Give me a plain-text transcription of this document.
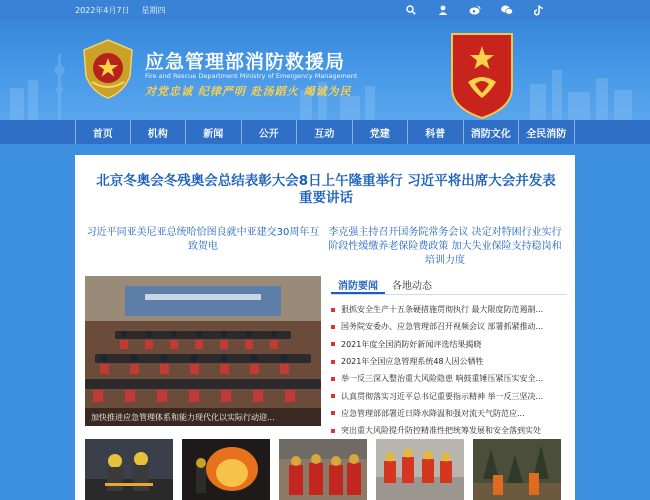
2022年4月7日 星期四
应急管理部消防救援局
Fire and Rescue Department Ministry of Emergency Management
对党忠诚 纪律严明 赴汤蹈火 竭诚为民
首页	机构	新闻	公开	互动	党建	科普	消防文化	全民消防
北京冬奥会冬残奥会总结表彰大会8日上午隆重举行 习近平将出席大会并发表重要讲话
习近平同亚美尼亚总统哈恰图良就中亚建交30周年互致贺电
李克强主持召开国务院常务会议 决定对特困行业实行阶段性缓缴养老保险费政策 加大失业保险支持稳岗和培训力度
加快推进应急管理体系和能力现代化以实际行动迎...
消防要闻	各地动态
狠抓安全生产十五条硬措施贯彻执行 最大限度防范遏制...
国务院安委办、应急管理部召开视频会议 部署抓紧推动...
2021年度全国消防好新闻评选结果揭晓
2021年全国应急管理系统48人因公牺牲
举一反三深入整治重大风险隐患 响鼓重锤压紧压实安全...
认真贯彻落实习近平总书记重要指示精神 举一反三坚决...
应急管理部部署近日降水降温和强对流天气防范应...
突出重大风险提升防控精准性把统筹发展和安全落到实处
